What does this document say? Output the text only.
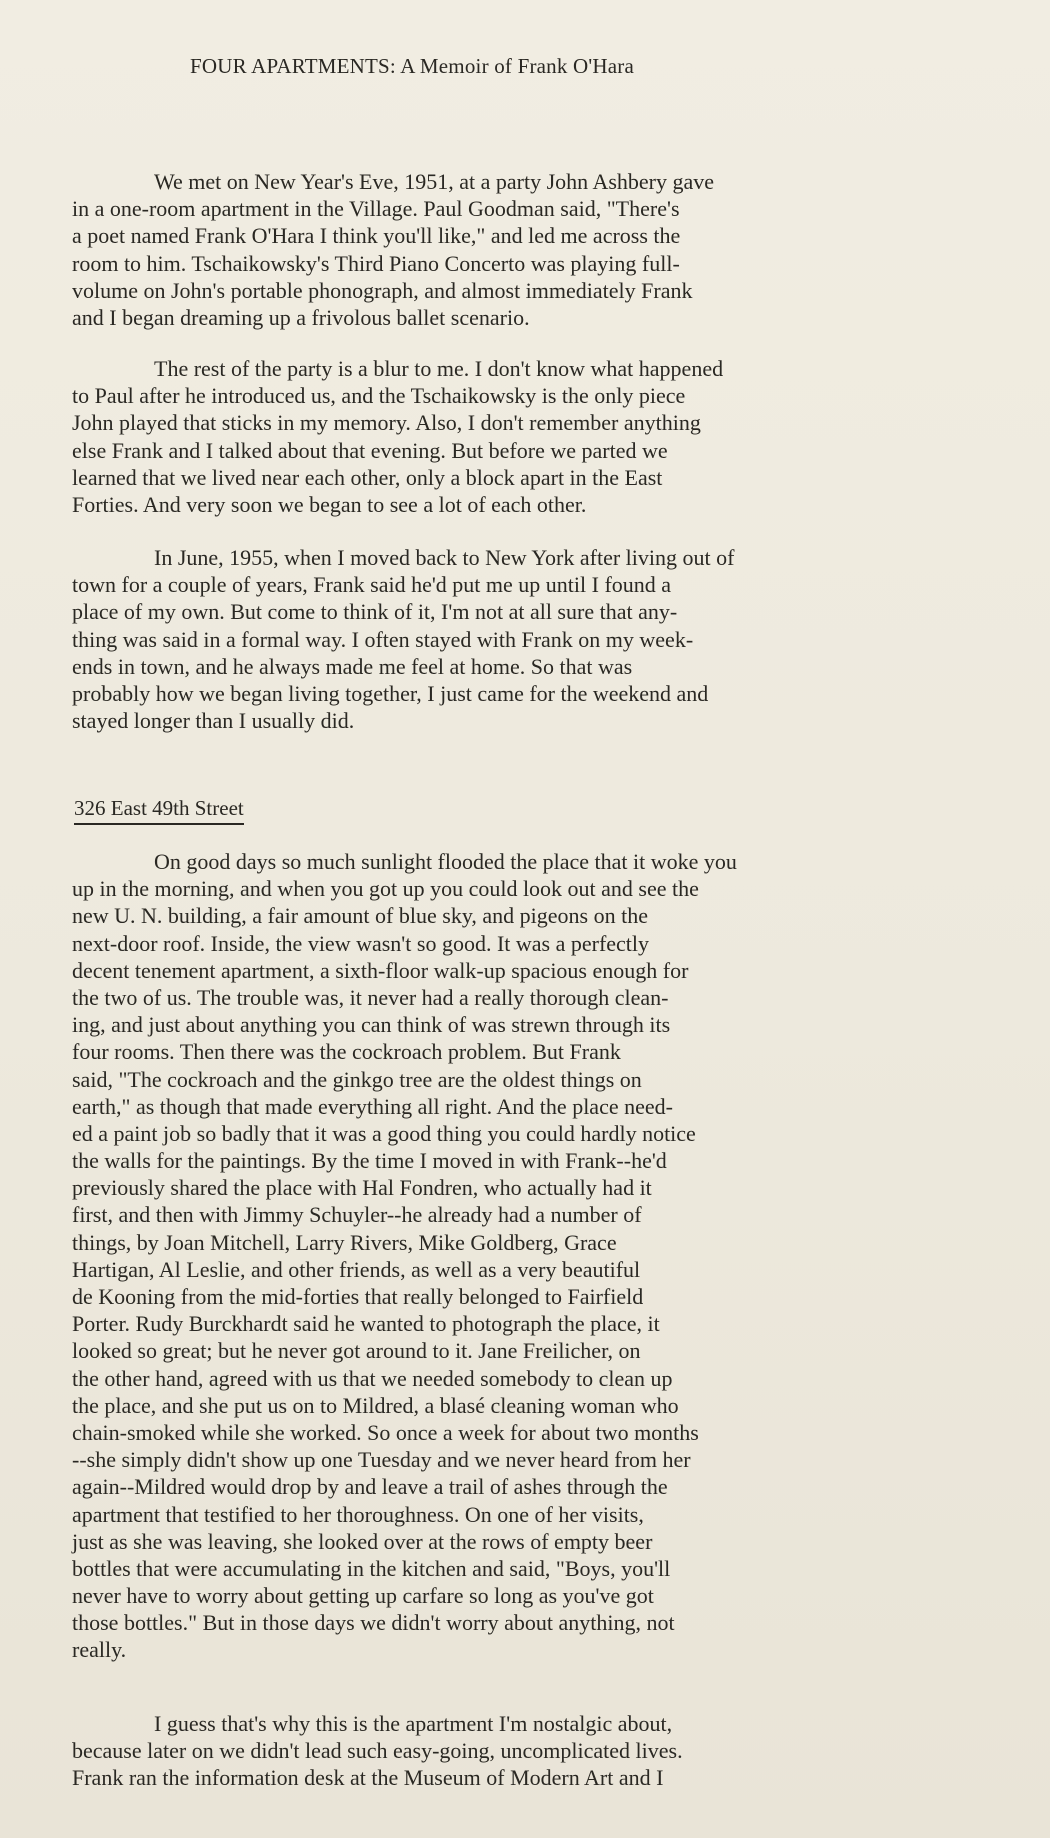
FOUR APARTMENTS: A Memoir of Frank O'Hara
We met on New Year's Eve, 1951, at a party John Ashbery gave
in a one-room apartment in the Village. Paul Goodman said, "There's
a poet named Frank O'Hara I think you'll like," and led me across the
room to him. Tschaikowsky's Third Piano Concerto was playing full-
volume on John's portable phonograph, and almost immediately Frank
and I began dreaming up a frivolous ballet scenario.
The rest of the party is a blur to me. I don't know what happened
to Paul after he introduced us, and the Tschaikowsky is the only piece
John played that sticks in my memory. Also, I don't remember anything
else Frank and I talked about that evening. But before we parted we
learned that we lived near each other, only a block apart in the East
Forties. And very soon we began to see a lot of each other.
In June, 1955, when I moved back to New York after living out of
town for a couple of years, Frank said he'd put me up until I found a
place of my own. But come to think of it, I'm not at all sure that any-
thing was said in a formal way. I often stayed with Frank on my week-
ends in town, and he always made me feel at home. So that was
probably how we began living together, I just came for the weekend and
stayed longer than I usually did.
326 East 49th Street
On good days so much sunlight flooded the place that it woke you
up in the morning, and when you got up you could look out and see the
new U. N. building, a fair amount of blue sky, and pigeons on the
next-door roof. Inside, the view wasn't so good. It was a perfectly
decent tenement apartment, a sixth-floor walk-up spacious enough for
the two of us. The trouble was, it never had a really thorough clean-
ing, and just about anything you can think of was strewn through its
four rooms. Then there was the cockroach problem. But Frank
said, "The cockroach and the ginkgo tree are the oldest things on
earth," as though that made everything all right. And the place need-
ed a paint job so badly that it was a good thing you could hardly notice
the walls for the paintings. By the time I moved in with Frank--he'd
previously shared the place with Hal Fondren, who actually had it
first, and then with Jimmy Schuyler--he already had a number of
things, by Joan Mitchell, Larry Rivers, Mike Goldberg, Grace
Hartigan, Al Leslie, and other friends, as well as a very beautiful
de Kooning from the mid-forties that really belonged to Fairfield
Porter. Rudy Burckhardt said he wanted to photograph the place, it
looked so great; but he never got around to it. Jane Freilicher, on
the other hand, agreed with us that we needed somebody to clean up
the place, and she put us on to Mildred, a blasé cleaning woman who
chain-smoked while she worked. So once a week for about two months
--she simply didn't show up one Tuesday and we never heard from her
again--Mildred would drop by and leave a trail of ashes through the
apartment that testified to her thoroughness. On one of her visits,
just as she was leaving, she looked over at the rows of empty beer
bottles that were accumulating in the kitchen and said, "Boys, you'll
never have to worry about getting up carfare so long as you've got
those bottles." But in those days we didn't worry about anything, not
really.
I guess that's why this is the apartment I'm nostalgic about,
because later on we didn't lead such easy-going, uncomplicated lives.
Frank ran the information desk at the Museum of Modern Art and I
